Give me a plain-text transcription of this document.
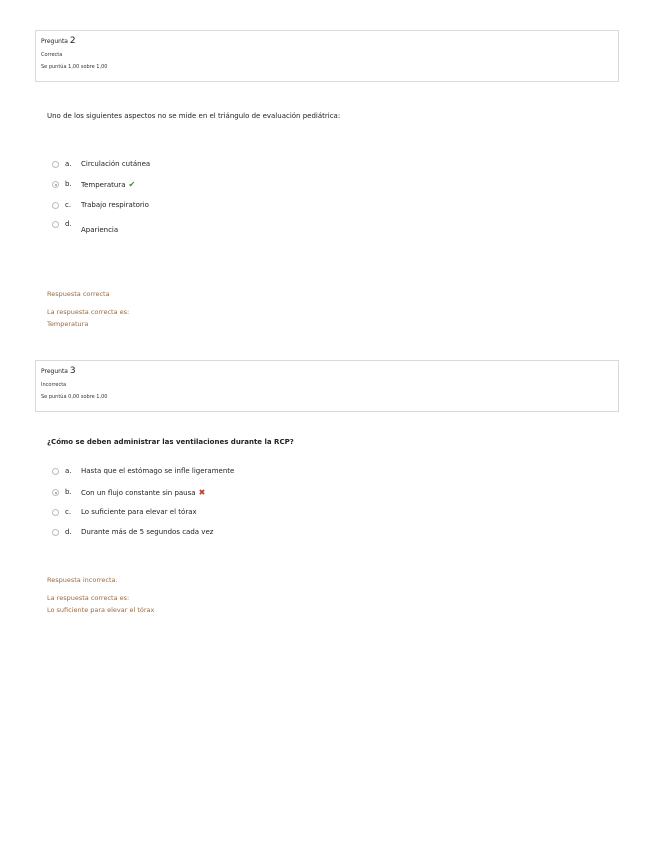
Pregunta 2
Correcta
Se puntúa 1,00 sobre 1,00
Uno de los siguientes aspectos no se mide en el triángulo de evaluación pediátrica:
a. Circulación cutánea
b. Temperatura ✔
c. Trabajo respiratorio
d.
Apariencia
Respuesta correcta
La respuesta correcta es:
Temperatura
Pregunta 3
Incorrecta
Se puntúa 0,00 sobre 1,00
¿Cómo se deben administrar las ventilaciones durante la RCP?
a. Hasta que el estómago se infle ligeramente
b. Con un flujo constante sin pausa ✖
c. Lo suficiente para elevar el tórax
d. Durante más de 5 segundos cada vez
Respuesta incorrecta.
La respuesta correcta es:
Lo suficiente para elevar el tórax
